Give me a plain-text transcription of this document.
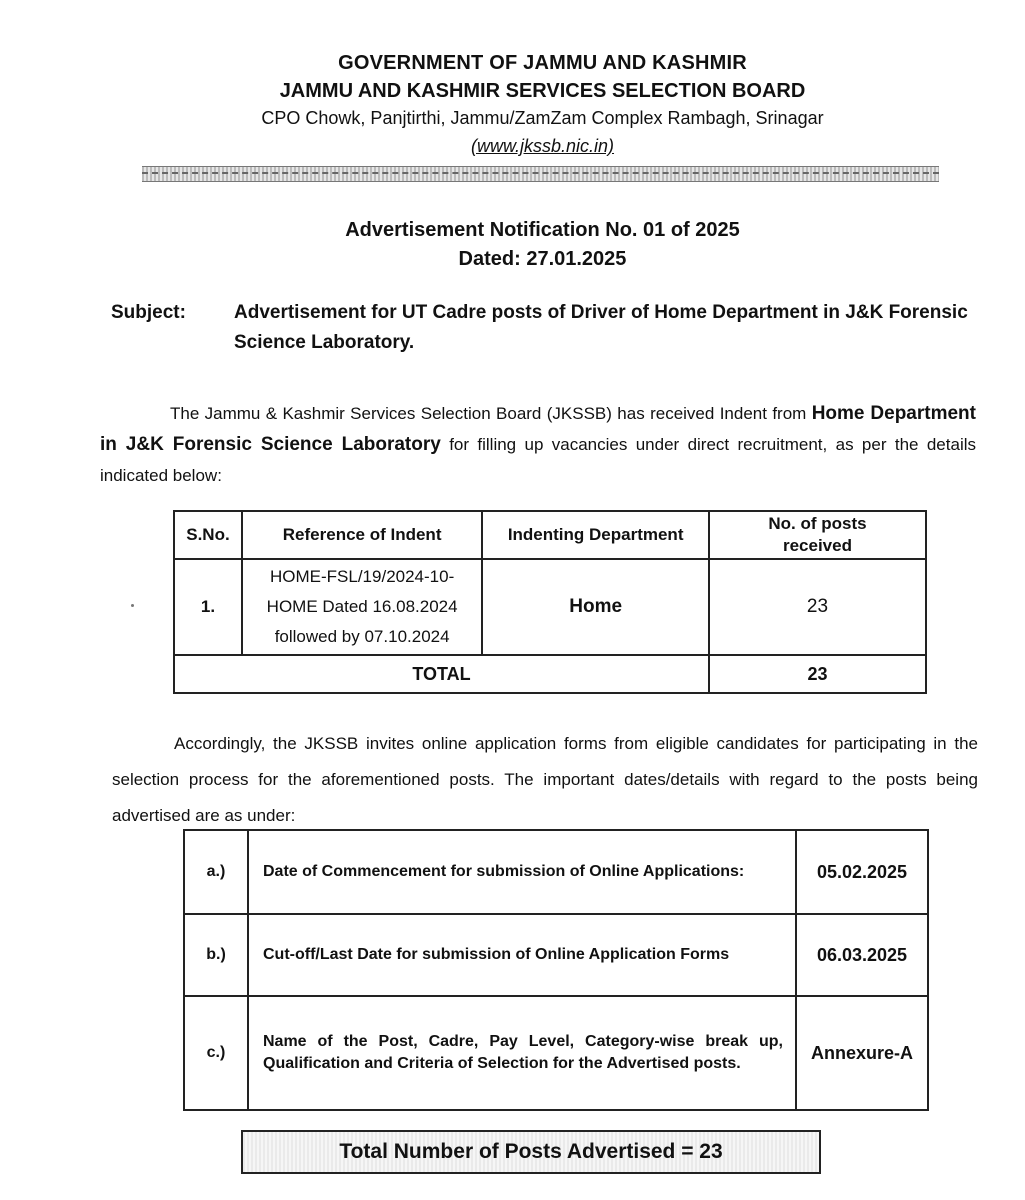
GOVERNMENT OF JAMMU AND KASHMIR
JAMMU AND KASHMIR SERVICES SELECTION BOARD
CPO Chowk, Panjtirthi, Jammu/ZamZam Complex Rambagh, Srinagar
(www.jkssb.nic.in)
Advertisement Notification No. 01 of 2025
Dated: 27.01.2025
Subject:	Advertisement for UT Cadre posts of Driver of Home Department in J&K Forensic Science Laboratory.
The Jammu & Kashmir Services Selection Board (JKSSB) has received Indent from Home Department in J&K Forensic Science Laboratory for filling up vacancies under direct recruitment, as per the details indicated below:
S.No.	Reference of Indent	Indenting Department	No. of posts received
1.	HOME-FSL/19/2024-10-
HOME Dated 16.08.2024
followed by 07.10.2024	Home	23
TOTAL			23
Accordingly, the JKSSB invites online application forms from eligible candidates for participating in the selection process for the aforementioned posts. The important dates/details with regard to the posts being advertised are as under:
a.)	Date of Commencement for submission of Online Applications:	05.02.2025
b.)	Cut-off/Last Date for submission of Online Application Forms	06.03.2025
c.)	Name of the Post, Cadre, Pay Level, Category-wise break up, Qualification and Criteria of Selection for the Advertised posts.	Annexure-A
Total Number of Posts Advertised = 23
